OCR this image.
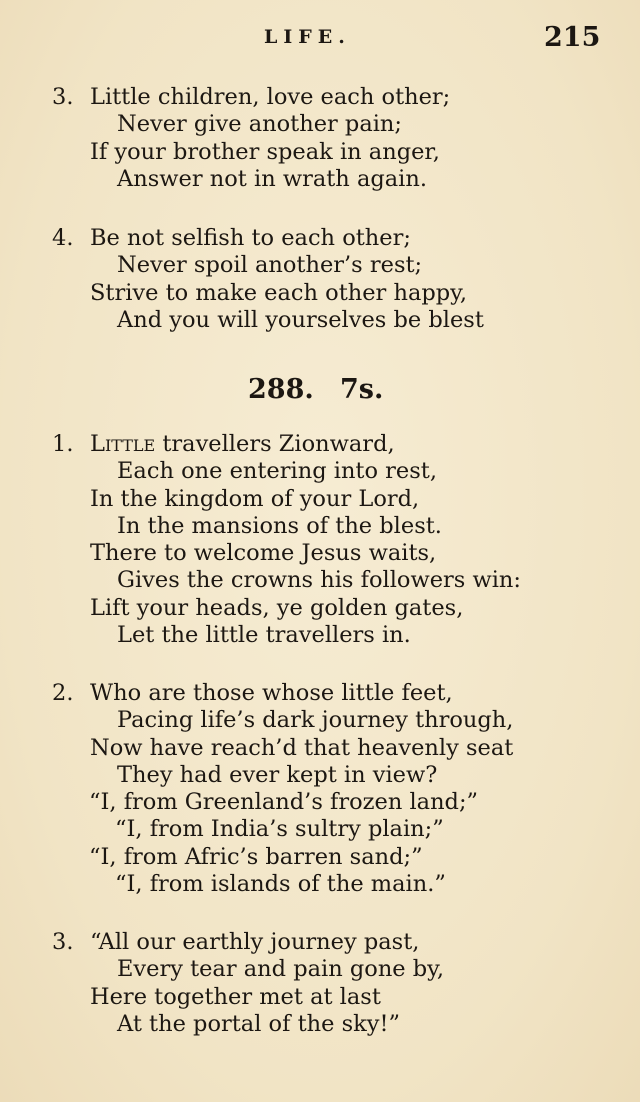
LIFE.	215
3. Little children, love each other;
Never give another pain;
If your brother speak in anger,
Answer not in wrath again.
4. Be not selfish to each other;
Never spoil another’s rest;
Strive to make each other happy,
And you will yourselves be blest
288. 7s.
1. Little travellers Zionward,
Each one entering into rest,
In the kingdom of your Lord,
In the mansions of the blest.
There to welcome Jesus waits,
Gives the crowns his followers win:
Lift your heads, ye golden gates,
Let the little travellers in.
2. Who are those whose little feet,
Pacing life’s dark journey through,
Now have reach’d that heavenly seat
They had ever kept in view?
“I, from Greenland’s frozen land;”
“I, from India’s sultry plain;”
“I, from Afric’s barren sand;”
“I, from islands of the main.”
3. “All our earthly journey past,
Every tear and pain gone by,
Here together met at last
At the portal of the sky!”
